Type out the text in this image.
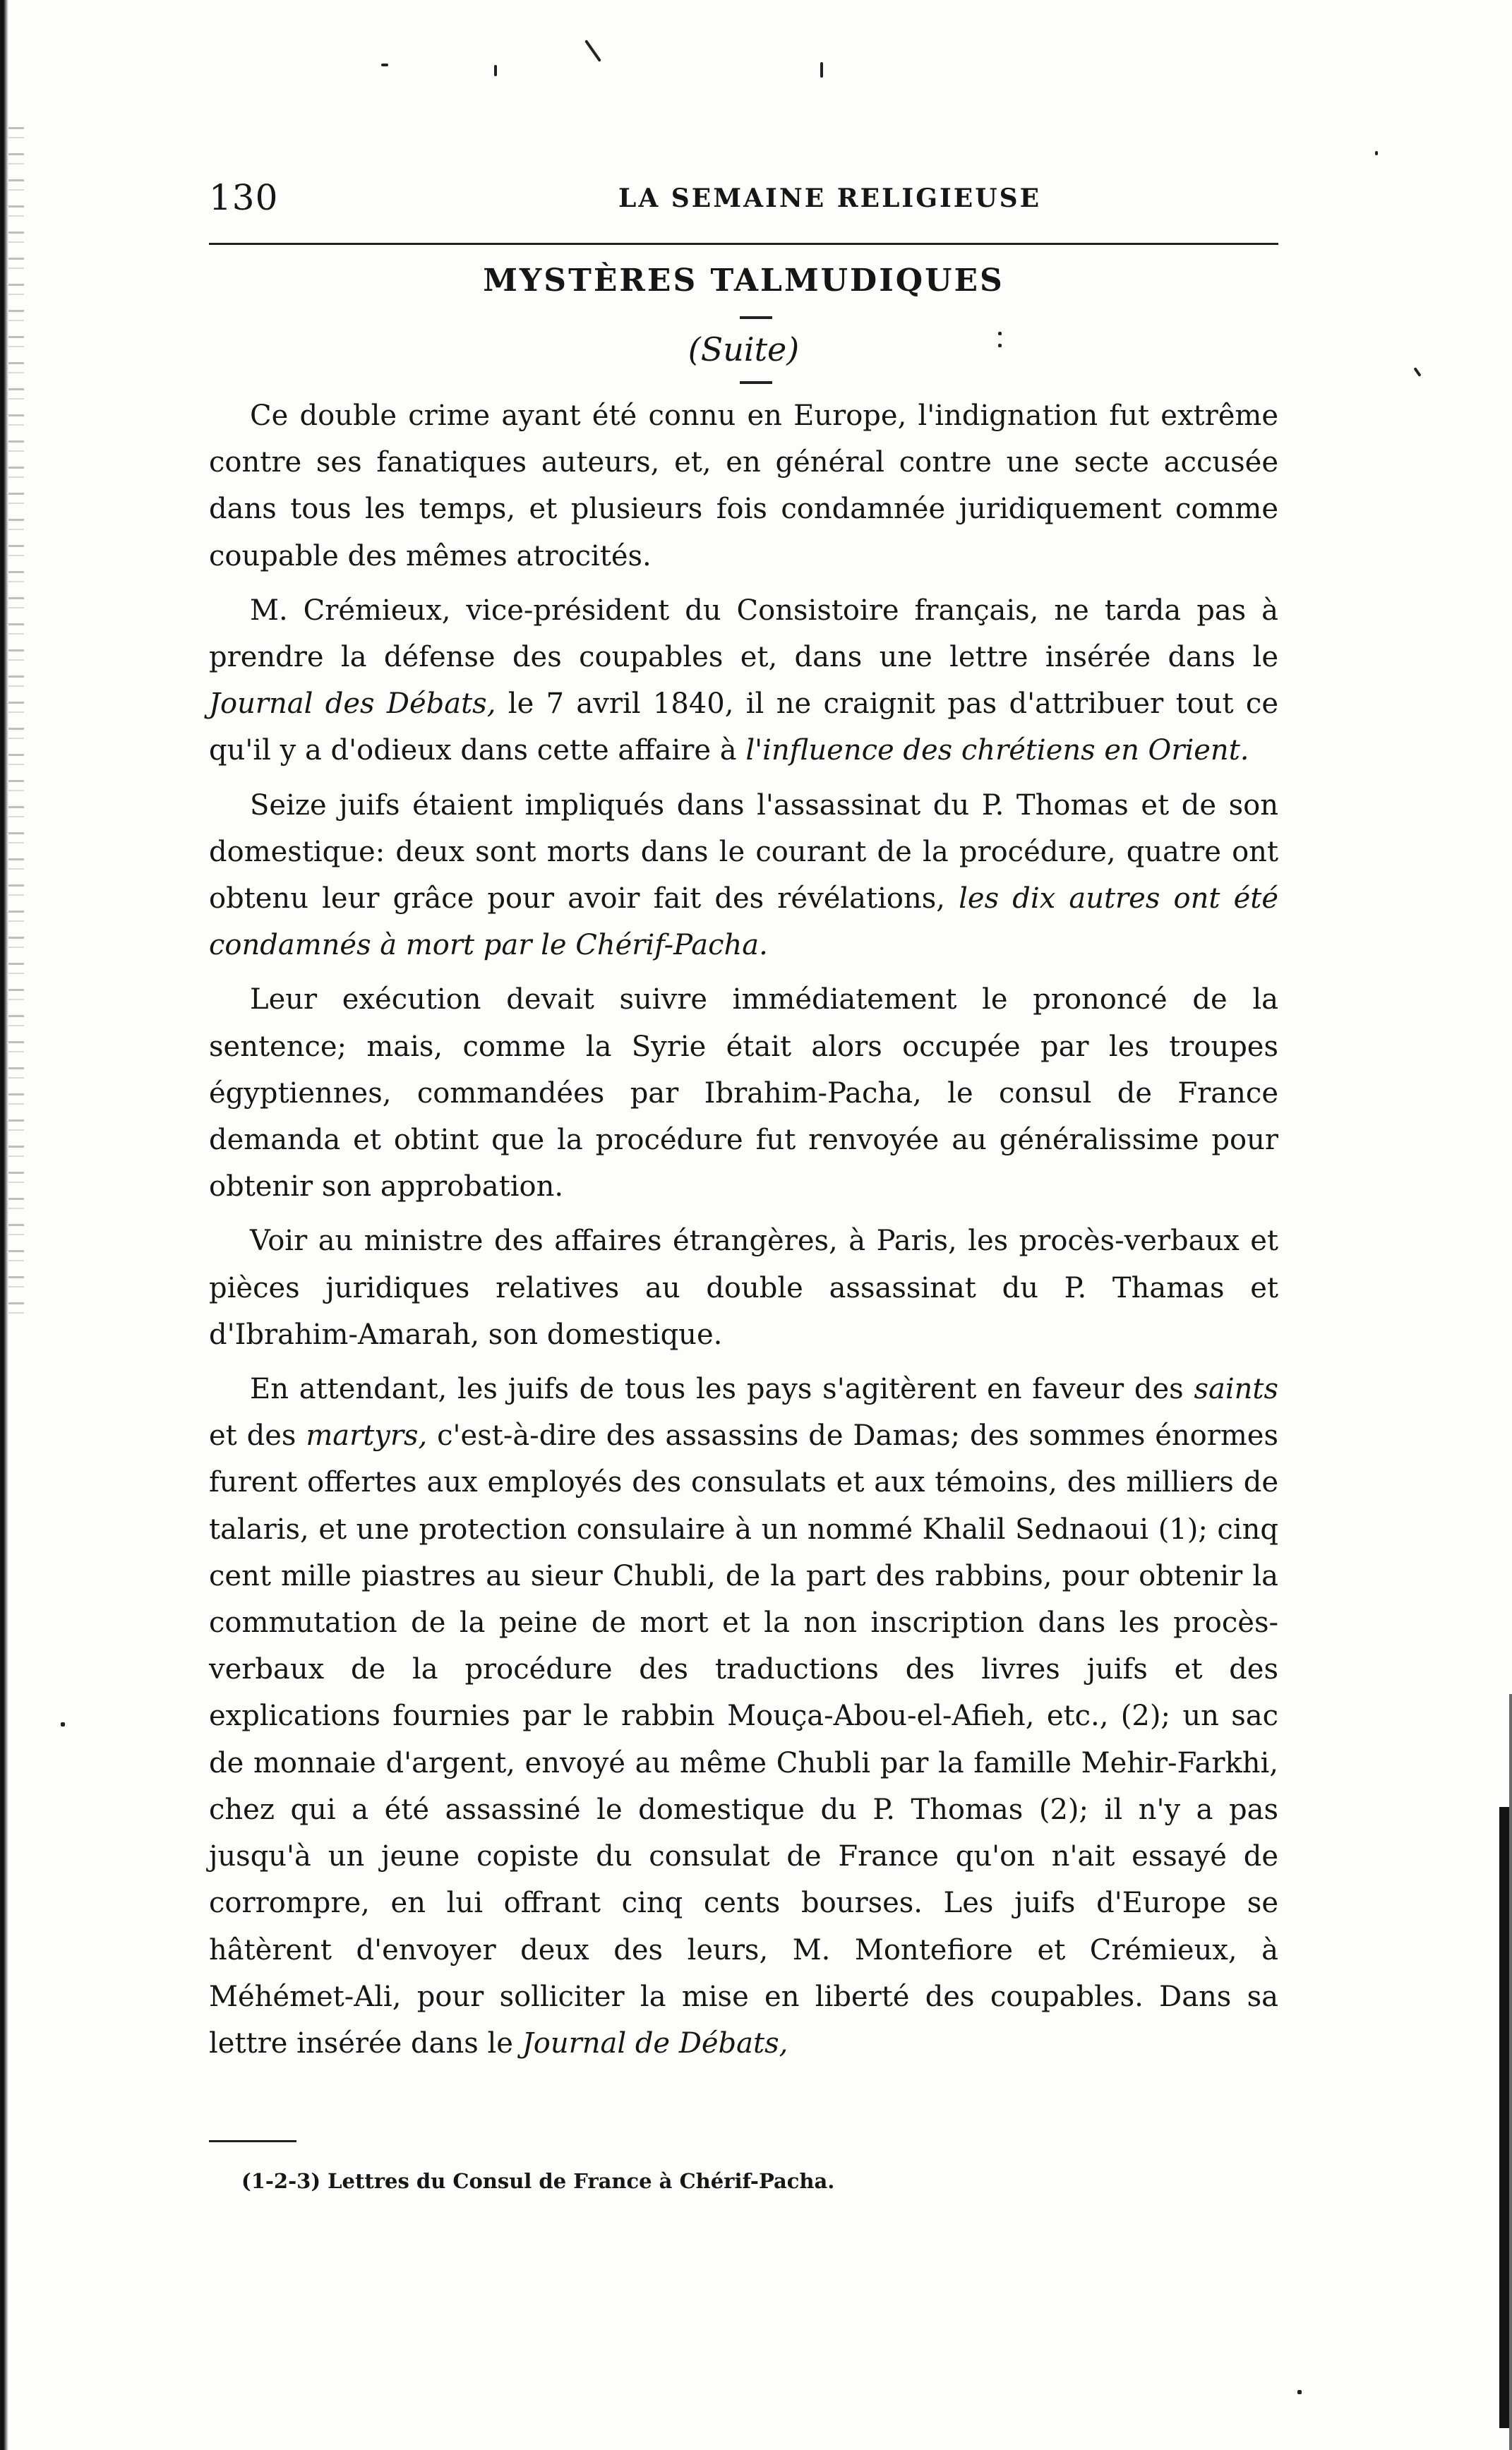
130	LA SEMAINE RELIGIEUSE
MYSTÈRES TALMUDIQUES
(Suite)

Ce double crime ayant été connu en Europe, l'indignation fut extrême contre ses fanatiques auteurs, et, en général contre une secte accusée dans tous les temps, et plusieurs fois condamnée juridiquement comme coupable des mêmes atrocités.

M. Crémieux, vice-président du Consistoire français, ne tarda pas à prendre la défense des coupables et, dans une lettre insérée dans le Journal des Débats, le 7 avril 1840, il ne craignit pas d'attribuer tout ce qu'il y a d'odieux dans cette affaire à l'influence des chrétiens en Orient.

Seize juifs étaient impliqués dans l'assassinat du P. Thomas et de son domestique: deux sont morts dans le courant de la procédure, quatre ont obtenu leur grâce pour avoir fait des révélations, les dix autres ont été condamnés à mort par le Chérif-Pacha.

Leur exécution devait suivre immédiatement le prononcé de la sentence; mais, comme la Syrie était alors occupée par les troupes égyptiennes, commandées par Ibrahim-Pacha, le consul de France demanda et obtint que la procédure fut renvoyée au généralissime pour obtenir son approbation.

Voir au ministre des affaires étrangères, à Paris, les procès-verbaux et pièces juridiques relatives au double assassinat du P. Thamas et d'Ibrahim-Amarah, son domestique.

En attendant, les juifs de tous les pays s'agitèrent en faveur des saints et des martyrs, c'est-à-dire des assassins de Damas; des sommes énormes furent offertes aux employés des consulats et aux témoins, des milliers de talaris, et une protection consulaire à un nommé Khalil Sednaoui (1); cinq cent mille piastres au sieur Chubli, de la part des rabbins, pour obtenir la commutation de la peine de mort et la non inscription dans les procès-verbaux de la procédure des traductions des livres juifs et des explications fournies par le rabbin Mouça-Abou-el-Afieh, etc., (2); un sac de monnaie d'argent, envoyé au même Chubli par la famille Mehir-Farkhi, chez qui a été assassiné le domestique du P. Thomas (2); il n'y a pas jusqu'à un jeune copiste du consulat de France qu'on n'ait essayé de corrompre, en lui offrant cinq cents bourses. Les juifs d'Europe se hâtèrent d'envoyer deux des leurs, M. Montefiore et Crémieux, à Méhémet-Ali, pour solliciter la mise en liberté des coupables. Dans sa lettre insérée dans le Journal de Débats,

(1-2-3) Lettres du Consul de France à Chérif-Pacha.
